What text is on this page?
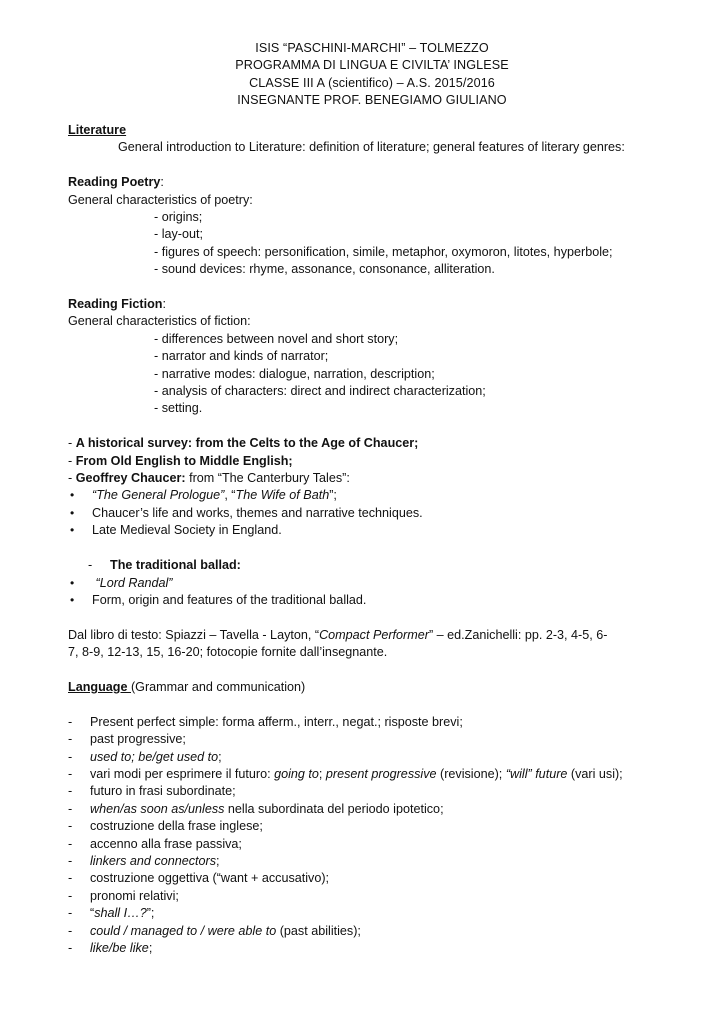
ISIS “PASCHINI-MARCHI” – TOLMEZZO
PROGRAMMA DI LINGUA E CIVILTA’ INGLESE
CLASSE III A (scientifico) – A.S. 2015/2016
INSEGNANTE PROF. BENEGIAMO GIULIANO
Literature
General introduction to Literature: definition of literature; general features of literary genres:
Reading Poetry:
General characteristics of poetry:
- origins;
- lay-out;
- figures of speech: personification, simile, metaphor, oxymoron, litotes, hyperbole;
- sound devices: rhyme, assonance, consonance, alliteration.
Reading Fiction:
General characteristics of fiction:
- differences between novel and short story;
- narrator and kinds of narrator;
- narrative modes: dialogue, narration, description;
- analysis of characters: direct and indirect characterization;
- setting.
- A historical survey: from the Celts to the Age of Chaucer;
- From Old English to Middle English;
- Geoffrey Chaucer: from “The Canterbury Tales”:
•“The General Prologue”, “The Wife of Bath”;
•Chaucer’s life and works, themes and narrative techniques.
•Late Medieval Society in England.
- The traditional ballad:
• “Lord Randal”
•Form, origin and features of the traditional ballad.
Dal libro di testo: Spiazzi – Tavella - Layton, “Compact Performer” – ed.Zanichelli: pp. 2-3, 4-5, 6-
7, 8-9, 12-13, 15, 16-20; fotocopie fornite dall’insegnante.
Language (Grammar and communication)
- Present perfect simple: forma afferm., interr., negat.; risposte brevi;
- past progressive;
- used to; be/get used to;
- vari modi per esprimere il futuro: going to; present progressive (revisione); “will” future (vari usi);
- futuro in frasi subordinate;
- when/as soon as/unless nella subordinata del periodo ipotetico;
- costruzione della frase inglese;
- accenno alla frase passiva;
- linkers and connectors;
- costruzione oggettiva (“want + accusativo);
- pronomi relativi;
- “shall I…?”;
- could / managed to / were able to (past abilities);
- like/be like;
